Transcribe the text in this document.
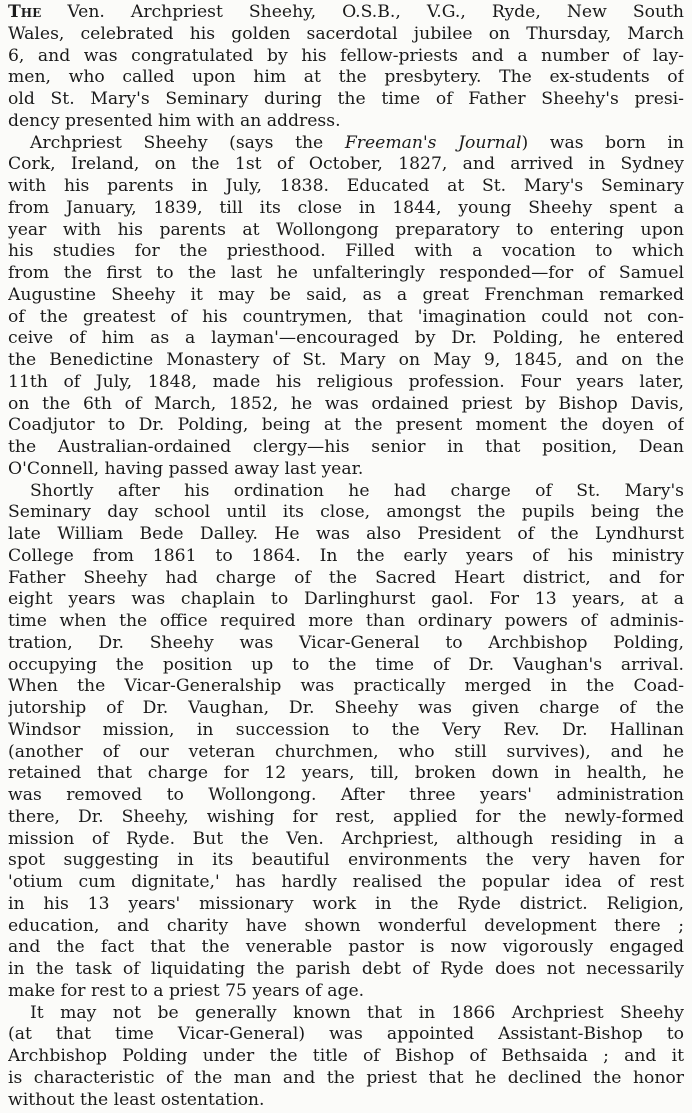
The Ven. Archpriest Sheehy, O.S.B., V.G., Ryde, New South
Wales, celebrated his golden sacerdotal jubilee on Thursday, March
6, and was congratulated by his fellow-priests and a number of lay-
men, who called upon him at the presbytery. The ex-students of
old St. Mary's Seminary during the time of Father Sheehy's presi-
dency presented him with an address.
Archpriest Sheehy (says the Freeman's Journal) was born in
Cork, Ireland, on the 1st of October, 1827, and arrived in Sydney
with his parents in July, 1838. Educated at St. Mary's Seminary
from January, 1839, till its close in 1844, young Sheehy spent a
year with his parents at Wollongong preparatory to entering upon
his studies for the priesthood. Filled with a vocation to which
from the first to the last he unfalteringly responded—for of Samuel
Augustine Sheehy it may be said, as a great Frenchman remarked
of the greatest of his countrymen, that 'imagination could not con-
ceive of him as a layman'—encouraged by Dr. Polding, he entered
the Benedictine Monastery of St. Mary on May 9, 1845, and on the
11th of July, 1848, made his religious profession. Four years later,
on the 6th of March, 1852, he was ordained priest by Bishop Davis,
Coadjutor to Dr. Polding, being at the present moment the doyen of
the Australian-ordained clergy—his senior in that position, Dean
O'Connell, having passed away last year.
Shortly after his ordination he had charge of St. Mary's
Seminary day school until its close, amongst the pupils being the
late William Bede Dalley. He was also President of the Lyndhurst
College from 1861 to 1864. In the early years of his ministry
Father Sheehy had charge of the Sacred Heart district, and for
eight years was chaplain to Darlinghurst gaol. For 13 years, at a
time when the office required more than ordinary powers of adminis-
tration, Dr. Sheehy was Vicar-General to Archbishop Polding,
occupying the position up to the time of Dr. Vaughan's arrival.
When the Vicar-Generalship was practically merged in the Coad-
jutorship of Dr. Vaughan, Dr. Sheehy was given charge of the
Windsor mission, in succession to the Very Rev. Dr. Hallinan
(another of our veteran churchmen, who still survives), and he
retained that charge for 12 years, till, broken down in health, he
was removed to Wollongong. After three years' administration
there, Dr. Sheehy, wishing for rest, applied for the newly-formed
mission of Ryde. But the Ven. Archpriest, although residing in a
spot suggesting in its beautiful environments the very haven for
'otium cum dignitate,' has hardly realised the popular idea of rest
in his 13 years' missionary work in the Ryde district. Religion,
education, and charity have shown wonderful development there ;
and the fact that the venerable pastor is now vigorously engaged
in the task of liquidating the parish debt of Ryde does not necessarily
make for rest to a priest 75 years of age.
It may not be generally known that in 1866 Archpriest Sheehy
(at that time Vicar-General) was appointed Assistant-Bishop to
Archbishop Polding under the title of Bishop of Bethsaida ; and it
is characteristic of the man and the priest that he declined the honor
without the least ostentation.
